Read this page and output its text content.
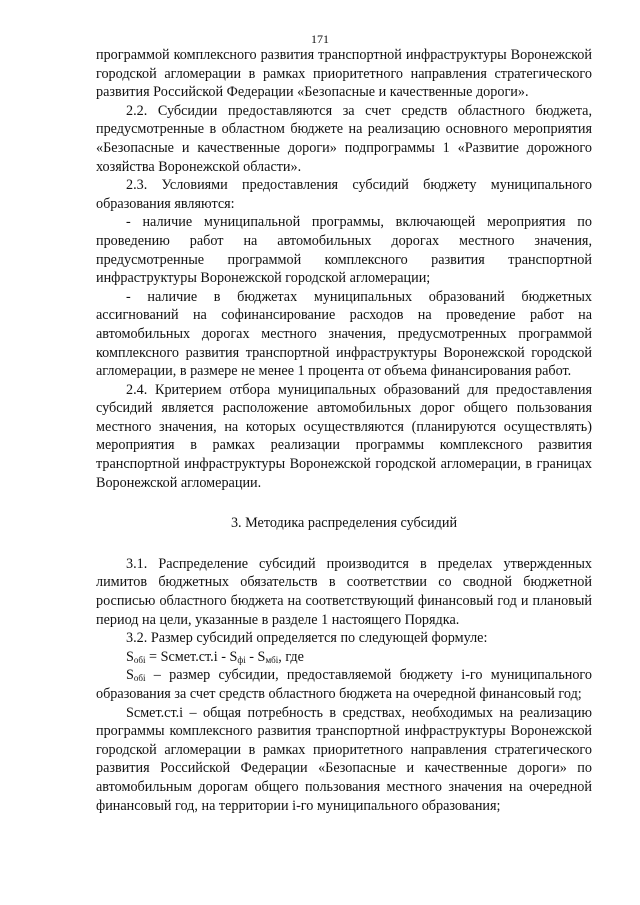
171

программой комплексного развития транспортной инфраструктуры Воронежской городской агломерации в рамках приоритетного направления стратегического развития Российской Федерации «Безопасные и качественные дороги».

2.2. Субсидии предоставляются за счет средств областного бюджета, предусмотренные в областном бюджете на реализацию основного мероприятия «Безопасные и качественные дороги» подпрограммы 1 «Развитие дорожного хозяйства Воронежской области».

2.3. Условиями предоставления субсидий бюджету муниципального образования являются:

- наличие муниципальной программы, включающей мероприятия по проведению работ на автомобильных дорогах местного значения, предусмотренные программой комплексного развития транспортной инфраструктуры Воронежской городской агломерации;

- наличие в бюджетах муниципальных образований бюджетных ассигнований на софинансирование расходов на проведение работ на автомобильных дорогах местного значения, предусмотренных программой комплексного развития транспортной инфраструктуры Воронежской городской агломерации, в размере не менее 1 процента от объема финансирования работ.

2.4. Критерием отбора муниципальных образований для предоставления субсидий является расположение автомобильных дорог общего пользования местного значения, на которых осуществляются (планируются осуществлять) мероприятия в рамках реализации программы комплексного развития транспортной инфраструктуры Воронежской городской агломерации, в границах Воронежской агломерации.

3. Методика распределения субсидий

3.1. Распределение субсидий производится в пределах утвержденных лимитов бюджетных обязательств в соответствии со сводной бюджетной росписью областного бюджета на соответствующий финансовый год и плановый период на цели, указанные в разделе 1 настоящего Порядка.

3.2. Размер субсидий определяется по следующей формуле:

$S_{обi}$ = Sсмет.ст.i - $S_{фi} - S_{мбi}$, где

$S_{обi}$ – размер субсидии, предоставляемой бюджету i-го муниципального образования за счет средств областного бюджета на очередной финансовый год;

Sсмет.ст.i – общая потребность в средствах, необходимых на реализацию программы комплексного развития транспортной инфраструктуры Воронежской городской агломерации в рамках приоритетного направления стратегического развития Российской Федерации «Безопасные и качественные дороги» по автомобильным дорогам общего пользования местного значения на очередной финансовый год, на территории i-го муниципального образования;
